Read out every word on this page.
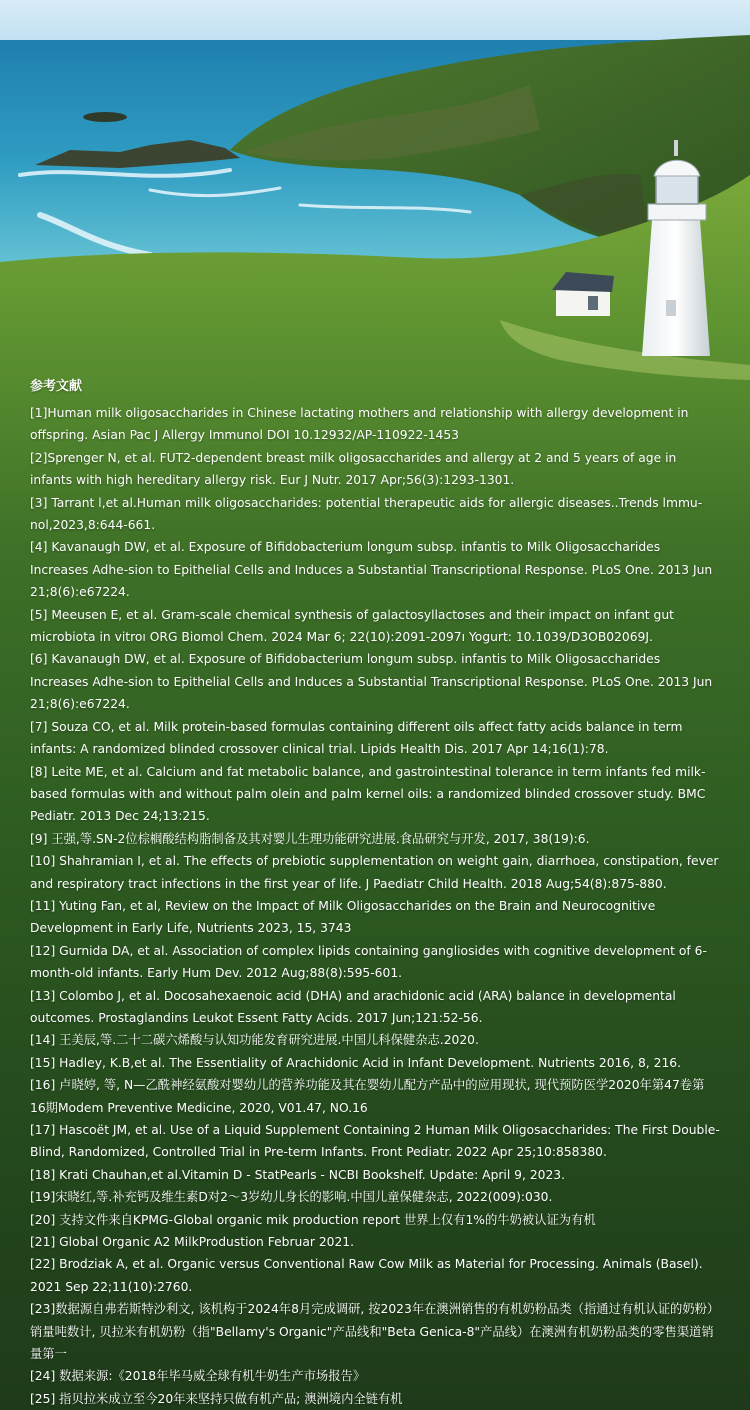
参考文献
[1]Human milk oligosaccharides in Chinese lactating mothers and relationship with allergy development in offspring. Asian Pac J Allergy Immunol DOI 10.12932/AP-110922-1453
[2]Sprenger N, et al. FUT2-dependent breast milk oligosaccharides and allergy at 2 and 5 years of age in infants with high hereditary allergy risk. Eur J Nutr. 2017 Apr;56(3):1293-1301.
[3] Tarrant l,et al.Human milk oligosaccharides: potential therapeutic aids for allergic diseases..Trends lmmu-nol,2023,8:644-661.
[4] Kavanaugh DW, et al. Exposure of Bifidobacterium longum subsp. infantis to Milk Oligosaccharides Increases Adhe-sion to Epithelial Cells and Induces a Substantial Transcriptional Response. PLoS One. 2013 Jun 21;8(6):e67224.
[5] Meeusen E, et al. Gram-scale chemical synthesis of galactosyllactoses and their impact on infant gut microbiota in vitroı ORG Biomol Chem. 2024 Mar 6; 22(10):2091-2097ı Yogurt: 10.1039/D3OB02069J.
[6] Kavanaugh DW, et al. Exposure of Bifidobacterium longum subsp. infantis to Milk Oligosaccharides Increases Adhe-sion to Epithelial Cells and Induces a Substantial Transcriptional Response. PLoS One. 2013 Jun 21;8(6):e67224.
[7] Souza CO, et al. Milk protein-based formulas containing different oils affect fatty acids balance in term infants: A randomized blinded crossover clinical trial. Lipids Health Dis. 2017 Apr 14;16(1):78.
[8] Leite ME, et al. Calcium and fat metabolic balance, and gastrointestinal tolerance in term infants fed milk-based formulas with and without palm olein and palm kernel oils: a randomized blinded crossover study. BMC Pediatr. 2013 Dec 24;13:215.
[9] 王强,等.SN-2位棕榈酸结构脂制备及其对婴儿生理功能研究进展.食品研究与开发, 2017, 38(19):6.
[10] Shahramian I, et al. The effects of prebiotic supplementation on weight gain, diarrhoea, constipation, fever and respiratory tract infections in the first year of life. J Paediatr Child Health. 2018 Aug;54(8):875-880.
[11] Yuting Fan, et al, Review on the Impact of Milk Oligosaccharides on the Brain and Neurocognitive Development in Early Life, Nutrients 2023, 15, 3743
[12] Gurnida DA, et al. Association of complex lipids containing gangliosides with cognitive development of 6-month-old infants. Early Hum Dev. 2012 Aug;88(8):595-601.
[13] Colombo J, et al. Docosahexaenoic acid (DHA) and arachidonic acid (ARA) balance in developmental outcomes. Prostaglandins Leukot Essent Fatty Acids. 2017 Jun;121:52-56.
[14] 王美辰,等.二十二碳六烯酸与认知功能发育研究进展.中国儿科保健杂志.2020.
[15] Hadley, K.B,et al. The Essentiality of Arachidonic Acid in Infant Development. Nutrients 2016, 8, 216.
[16] 卢晓婷, 等, N—乙酰神经氨酸对婴幼儿的营养功能及其在婴幼儿配方产品中的应用现状, 现代预防医学2020年第47卷第16期Modem Preventive Medicine, 2020, V01.47, NO.16
[17] Hascoët JM, et al. Use of a Liquid Supplement Containing 2 Human Milk Oligosaccharides: The First Double-Blind, Randomized, Controlled Trial in Pre-term Infants. Front Pediatr. 2022 Apr 25;10:858380.
[18] Krati Chauhan,et al.Vitamin D - StatPearls - NCBI Bookshelf. Update: April 9, 2023.
[19]宋晓红,等.补充钙及维生素D对2～3岁幼儿身长的影响.中国儿童保健杂志, 2022(009):030.
[20] 支持文件来自KPMG-Global organic mik production report 世界上仅有1%的牛奶被认证为有机
[21] Global Organic A2 MilkProdustion Februar 2021.
[22] Brodziak A, et al. Organic versus Conventional Raw Cow Milk as Material for Processing. Animals (Basel). 2021 Sep 22;11(10):2760.
[23]数据源自弗若斯特沙利文, 该机构于2024年8月完成调研, 按2023年在澳洲销售的有机奶粉品类（指通过有机认证的奶粉）销量吨数计, 贝拉米有机奶粉（指"Bellamy's Organic"产品线和"Beta Genica-8"产品线）在澳洲有机奶粉品类的零售渠道销量第一
[24] 数据来源:《2018年毕马威全球有机牛奶生产市场报告》
[25] 指贝拉米成立至今20年来坚持只做有机产品; 澳洲境内全链有机
